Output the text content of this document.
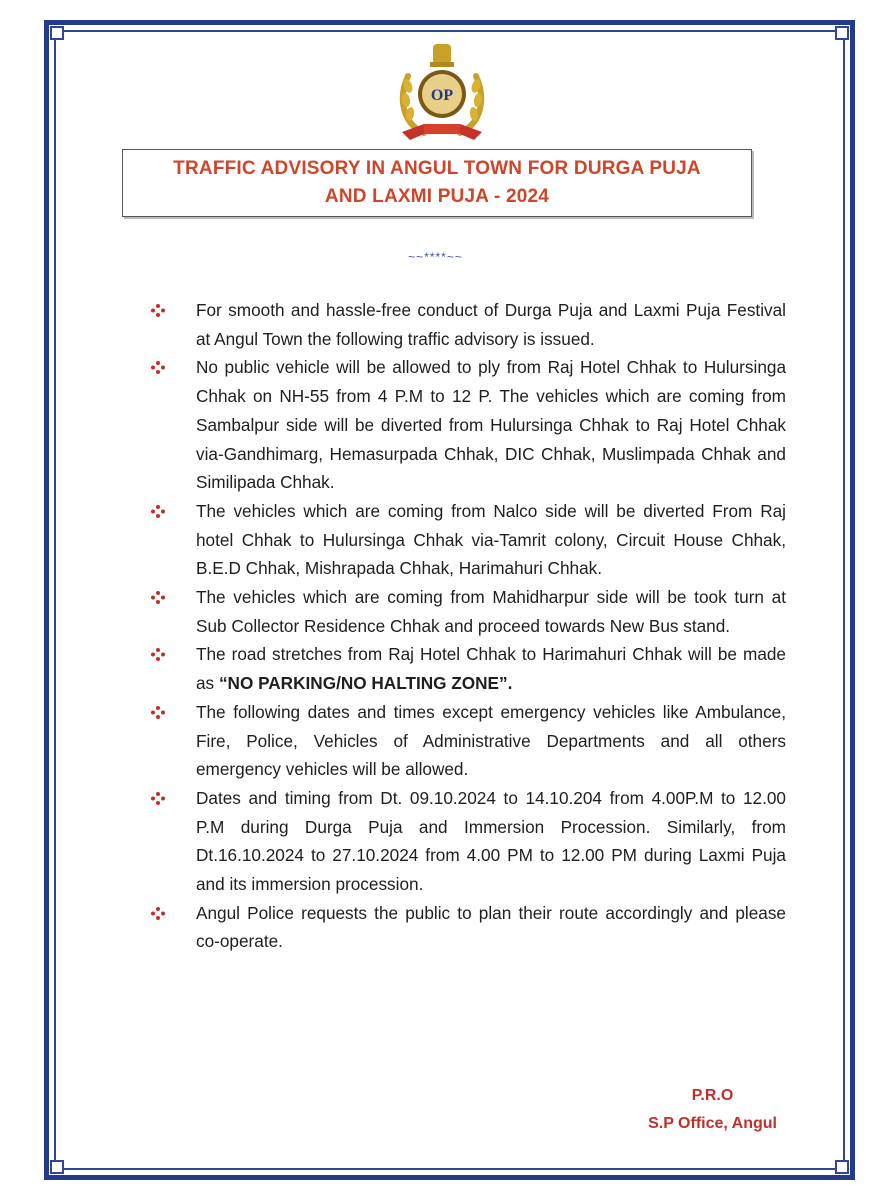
OP
TRAFFIC ADVISORY IN ANGUL TOWN FOR DURGA PUJA
AND LAXMI PUJA - 2024
~~****~~
For smooth and hassle-free conduct of Durga Puja and Laxmi Puja Festival at Angul Town the following traffic advisory is issued.
No public vehicle will be allowed to ply from Raj Hotel Chhak to Hulursinga Chhak on NH-55 from 4 P.M to 12 P. The vehicles which are coming from Sambalpur side will be diverted from Hulursinga Chhak to Raj Hotel Chhak via-Gandhimarg, Hemasurpada Chhak, DIC Chhak, Muslimpada Chhak and Similipada Chhak.
The vehicles which are coming from Nalco side will be diverted From Raj hotel Chhak to Hulursinga Chhak via-Tamrit colony, Circuit House Chhak, B.E.D Chhak, Mishrapada Chhak, Harimahuri Chhak.
The vehicles which are coming from Mahidharpur side will be took turn at Sub Collector Residence Chhak and proceed towards New Bus stand.
The road stretches from Raj Hotel Chhak to Harimahuri Chhak will be made as “NO PARKING/NO HALTING ZONE”.
The following dates and times except emergency vehicles like Ambulance, Fire, Police, Vehicles of Administrative Departments and all others emergency vehicles will be allowed.
Dates and timing from Dt. 09.10.2024 to 14.10.204 from 4.00P.M to 12.00 P.M during Durga Puja and Immersion Procession. Similarly, from Dt.16.10.2024 to 27.10.2024 from 4.00 PM to 12.00 PM during Laxmi Puja and its immersion procession.
Angul Police requests the public to plan their route accordingly and please co-operate.
P.R.O
S.P Office, Angul
